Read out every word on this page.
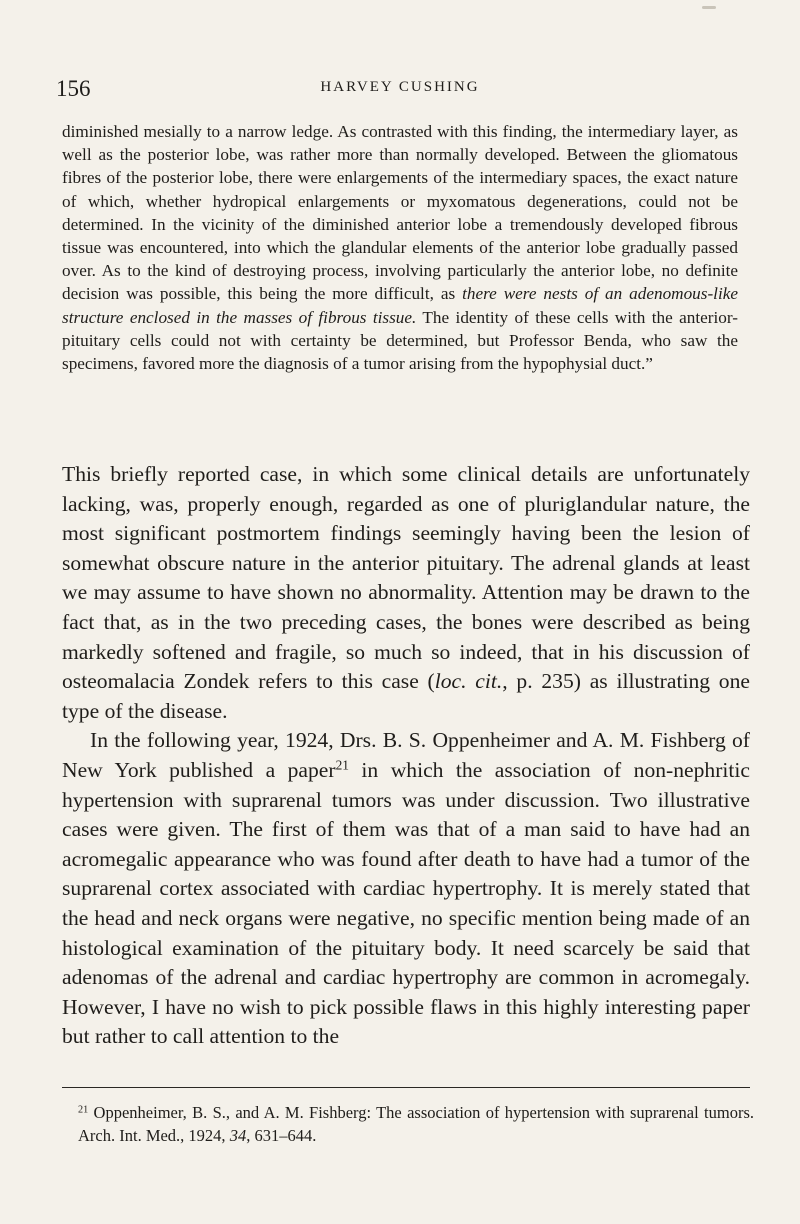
156	HARVEY CUSHING

diminished mesially to a narrow ledge. As contrasted with this finding, the intermediary layer, as well as the posterior lobe, was rather more than normally developed. Between the gliomatous fibres of the posterior lobe, there were enlargements of the intermediary spaces, the exact nature of which, whether hydropical enlargements or myxomatous degenerations, could not be determined. In the vicinity of the diminished anterior lobe a tremendously developed fibrous tissue was encountered, into which the glandular elements of the anterior lobe gradually passed over. As to the kind of destroying process, involving particularly the anterior lobe, no definite decision was possible, this being the more difficult, as there were nests of an adenomous-like structure enclosed in the masses of fibrous tissue. The identity of these cells with the anterior-pituitary cells could not with certainty be determined, but Professor Benda, who saw the specimens, favored more the diagnosis of a tumor arising from the hypophysial duct.”

This briefly reported case, in which some clinical details are unfortunately lacking, was, properly enough, regarded as one of pluriglandular nature, the most significant postmortem findings seemingly having been the lesion of somewhat obscure nature in the anterior pituitary. The adrenal glands at least we may assume to have shown no abnormality. Attention may be drawn to the fact that, as in the two preceding cases, the bones were described as being markedly softened and fragile, so much so indeed, that in his discussion of osteomalacia Zondek refers to this case (loc. cit., p. 235) as illustrating one type of the disease.

In the following year, 1924, Drs. B. S. Oppenheimer and A. M. Fishberg of New York published a paper$^{21}$ in which the association of non-nephritic hypertension with suprarenal tumors was under discussion. Two illustrative cases were given. The first of them was that of a man said to have had an acromegalic appearance who was found after death to have had a tumor of the suprarenal cortex associated with cardiac hypertrophy. It is merely stated that the head and neck organs were negative, no specific mention being made of an histological examination of the pituitary body. It need scarcely be said that adenomas of the adrenal and cardiac hypertrophy are common in acromegaly. However, I have no wish to pick possible flaws in this highly interesting paper but rather to call attention to the

$^{21}$ Oppenheimer, B. S., and A. M. Fishberg: The association of hypertension with suprarenal tumors. Arch. Int. Med., 1924, 34, 631–644.
